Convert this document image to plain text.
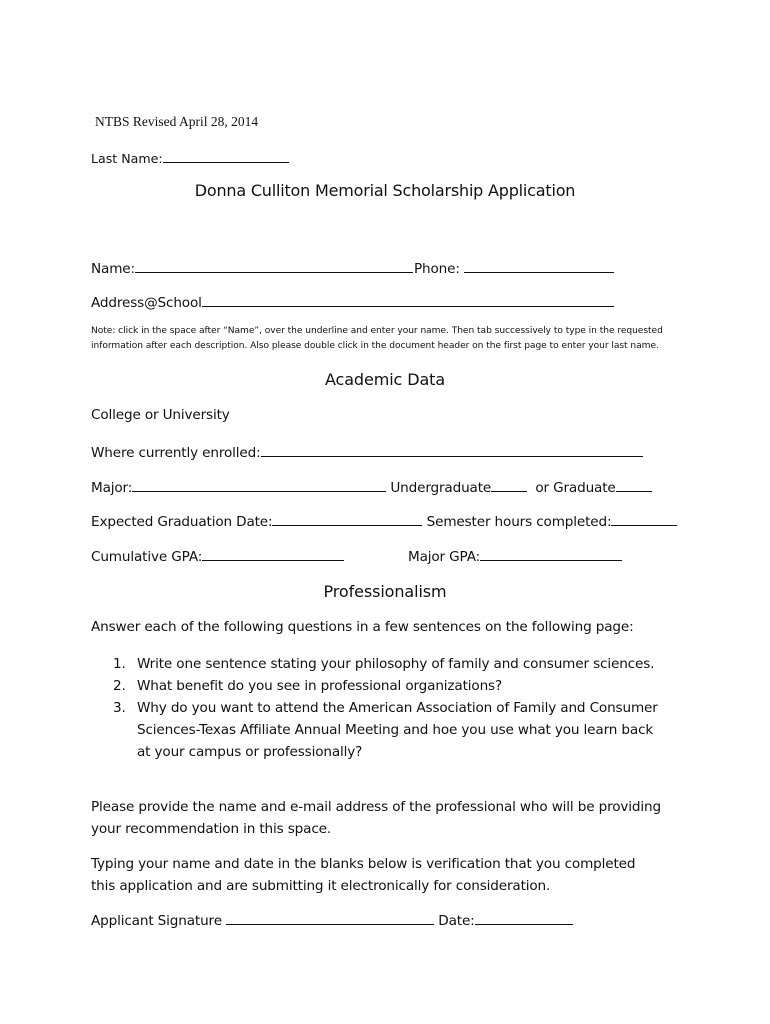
NTBS Revised April 28, 2014
Last Name:
Donna Culliton Memorial Scholarship Application
Name:	Phone:
Address@School
Note: click in the space after “Name”, over the underline and enter your name. Then tab successively to type in the requested information after each description. Also please double click in the document header on the first page to enter your last name.
Academic Data
College or University
Where currently enrolled:
Major:	Undergraduate	or Graduate
Expected Graduation Date:	Semester hours completed:
Cumulative GPA:	Major GPA:
Professionalism
Answer each of the following questions in a few sentences on the following page:
1. Write one sentence stating your philosophy of family and consumer sciences.
2. What benefit do you see in professional organizations?
3. Why do you want to attend the American Association of Family and Consumer Sciences-Texas Affiliate Annual Meeting and hoe you use what you learn back at your campus or professionally?
Please provide the name and e-mail address of the professional who will be providing your recommendation in this space.
Typing your name and date in the blanks below is verification that you completed this application and are submitting it electronically for consideration.
Applicant Signature	Date:
